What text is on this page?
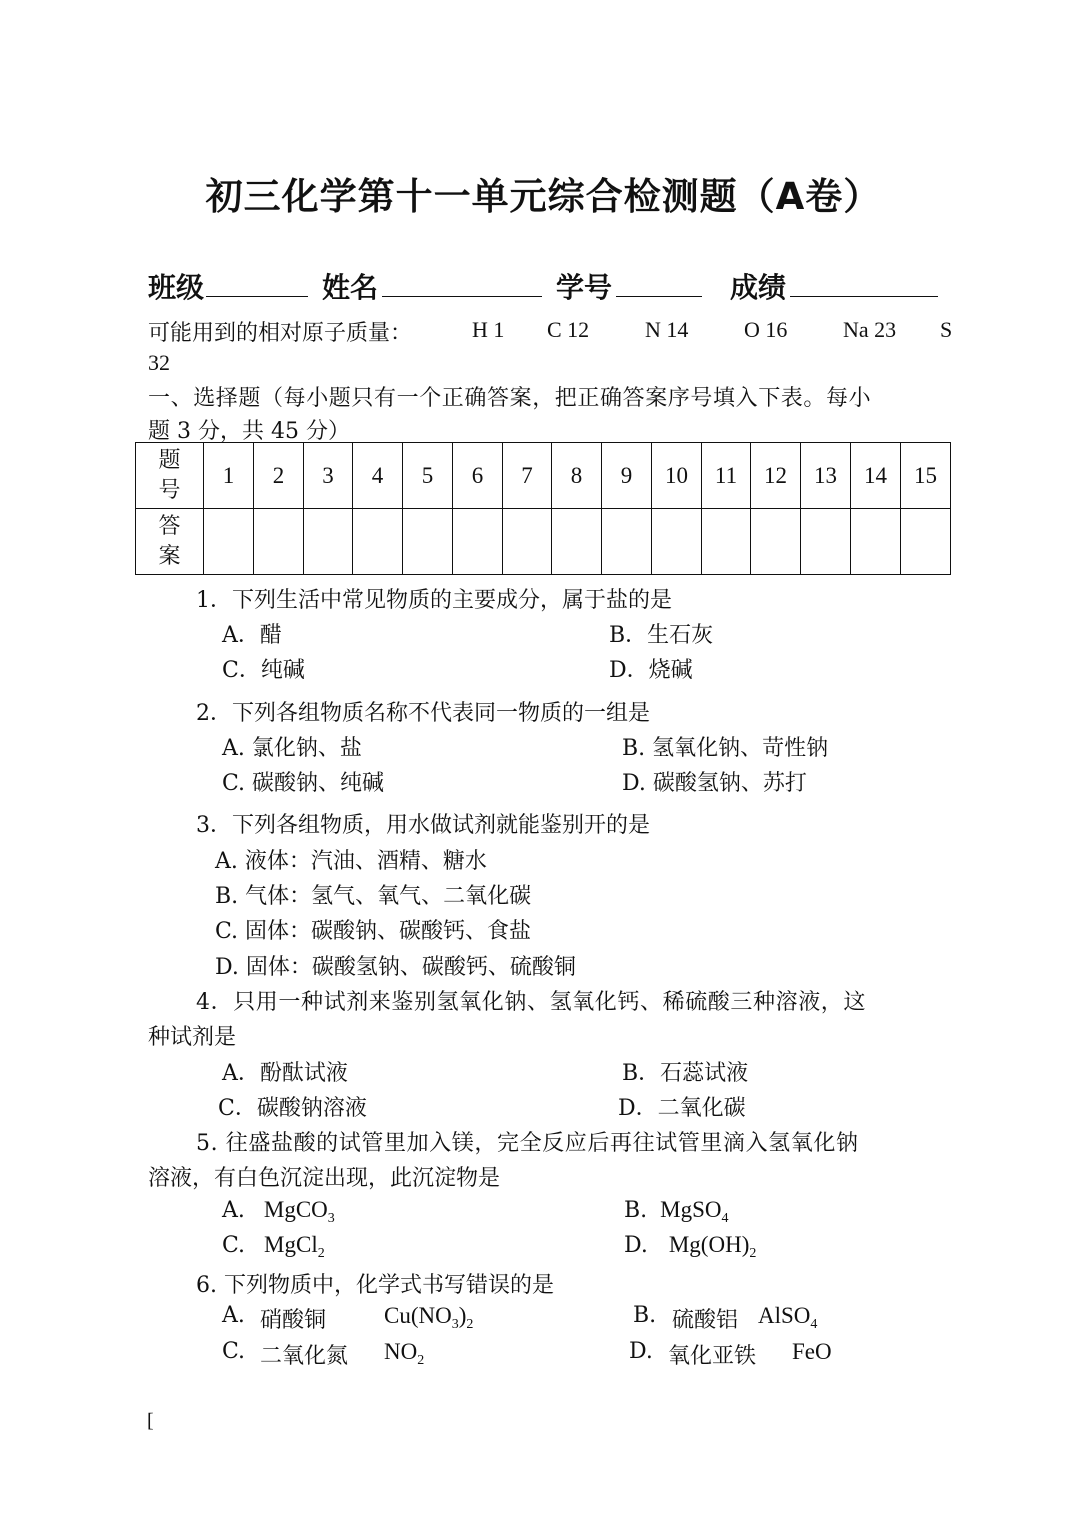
初三化学第十一单元综合检测题（A卷）
班级	姓名	学号	成绩
可能用到的相对原子质量：	H 1 C 12	N 14	O 16	Na 23 S
32
一、选择题（每小题只有一个正确答案，把正确答案序号填入下表。每小
题 3 分，共 45 分）
题
号	1	2	3	4	5	6	7	8	9	10	11	12	13	14	15

答
案															

1．下列生活中常见物质的主要成分，属于盐的是
A．醋	B．生石灰
C．纯碱	D．烧碱
2．下列各组物质名称不代表同一物质的一组是
A. 氯化钠、盐	B. 氢氧化钠、苛性钠
C. 碳酸钠、纯碱	D. 碳酸氢钠、苏打
3．下列各组物质，用水做试剂就能鉴别开的是
A. 液体：汽油、酒精、糖水
B. 气体：氢气、氧气、二氧化碳
C. 固体：碳酸钠、碳酸钙、食盐
D. 固体：碳酸氢钠、碳酸钙、硫酸铜
4．只用一种试剂来鉴别氢氧化钠、氢氧化钙、稀硫酸三种溶液，这
种试剂是
A．酚酞试液	B．石蕊试液
C．碳酸钠溶液	D．二氧化碳
5. 往盛盐酸的试管里加入镁，完全反应后再往试管里滴入氢氧化钠
溶液，有白色沉淀出现，此沉淀物是
A. MgCO$_3$	B. MgSO$_4$
C. MgCl$_2$	D. $Mg(OH)_2$
6. 下列物质中，化学式书写错误的是
A. 硝酸铜	$Cu(NO_3)_2$	B. 硫酸铝 AlSO$_4$
C. 二氧化氮 $NO_2$	D. 氧化亚铁 FeO
[
